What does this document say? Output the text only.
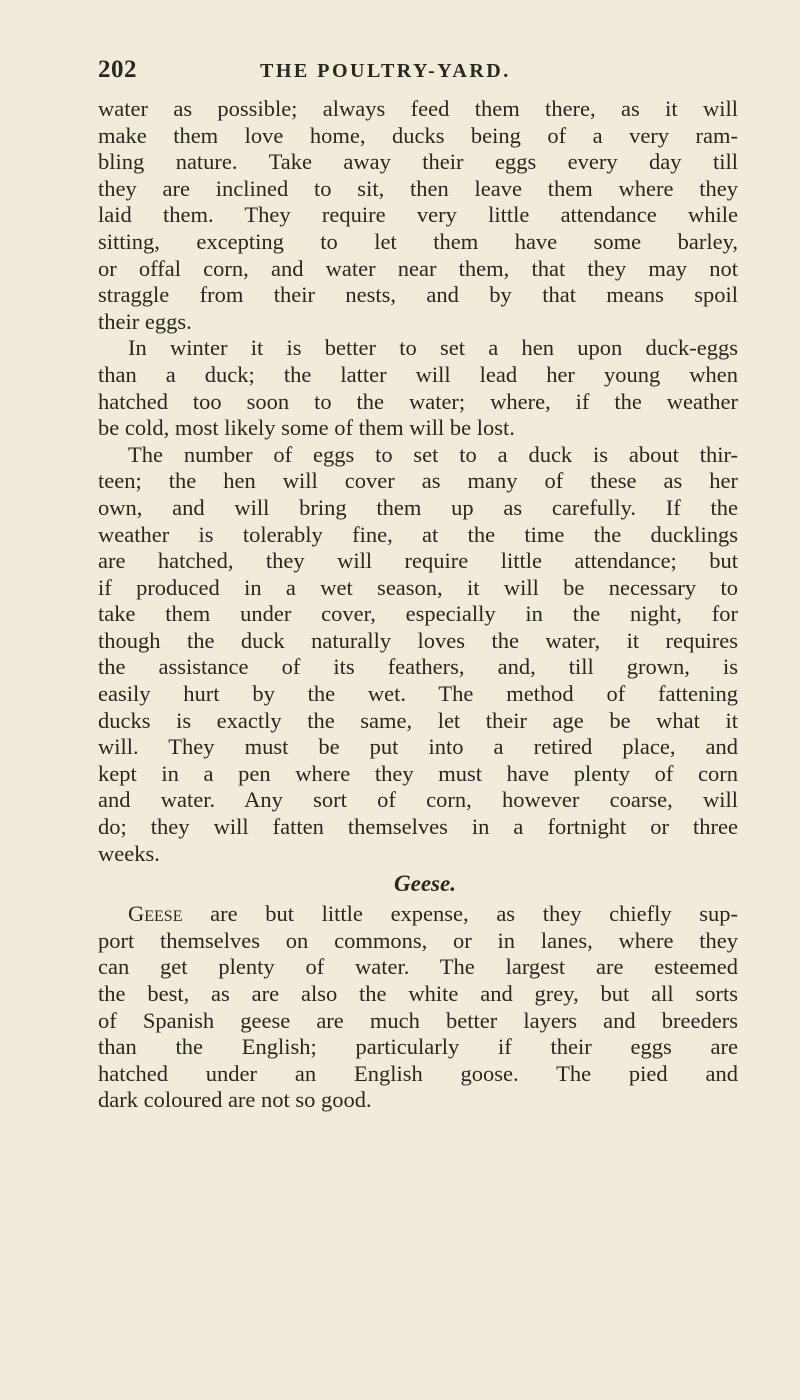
202	THE POULTRY-YARD.
water as possible; always feed them there, as it will
make them love home, ducks being of a very ram-
bling nature. Take away their eggs every day till
they are inclined to sit, then leave them where they
laid them. They require very little attendance while
sitting, excepting to let them have some barley,
or offal corn, and water near them, that they may not
straggle from their nests, and by that means spoil
their eggs.
In winter it is better to set a hen upon duck-eggs
than a duck; the latter will lead her young when
hatched too soon to the water; where, if the weather
be cold, most likely some of them will be lost.
The number of eggs to set to a duck is about thir-
teen; the hen will cover as many of these as her
own, and will bring them up as carefully. If the
weather is tolerably fine, at the time the ducklings
are hatched, they will require little attendance; but
if produced in a wet season, it will be necessary to
take them under cover, especially in the night, for
though the duck naturally loves the water, it requires
the assistance of its feathers, and, till grown, is
easily hurt by the wet. The method of fattening
ducks is exactly the same, let their age be what it
will. They must be put into a retired place, and
kept in a pen where they must have plenty of corn
and water. Any sort of corn, however coarse, will
do; they will fatten themselves in a fortnight or three
weeks.
Geese.
Geese are but little expense, as they chiefly sup-
port themselves on commons, or in lanes, where they
can get plenty of water. The largest are esteemed
the best, as are also the white and grey, but all sorts
of Spanish geese are much better layers and breeders
than the English; particularly if their eggs are
hatched under an English goose. The pied and
dark coloured are not so good.
